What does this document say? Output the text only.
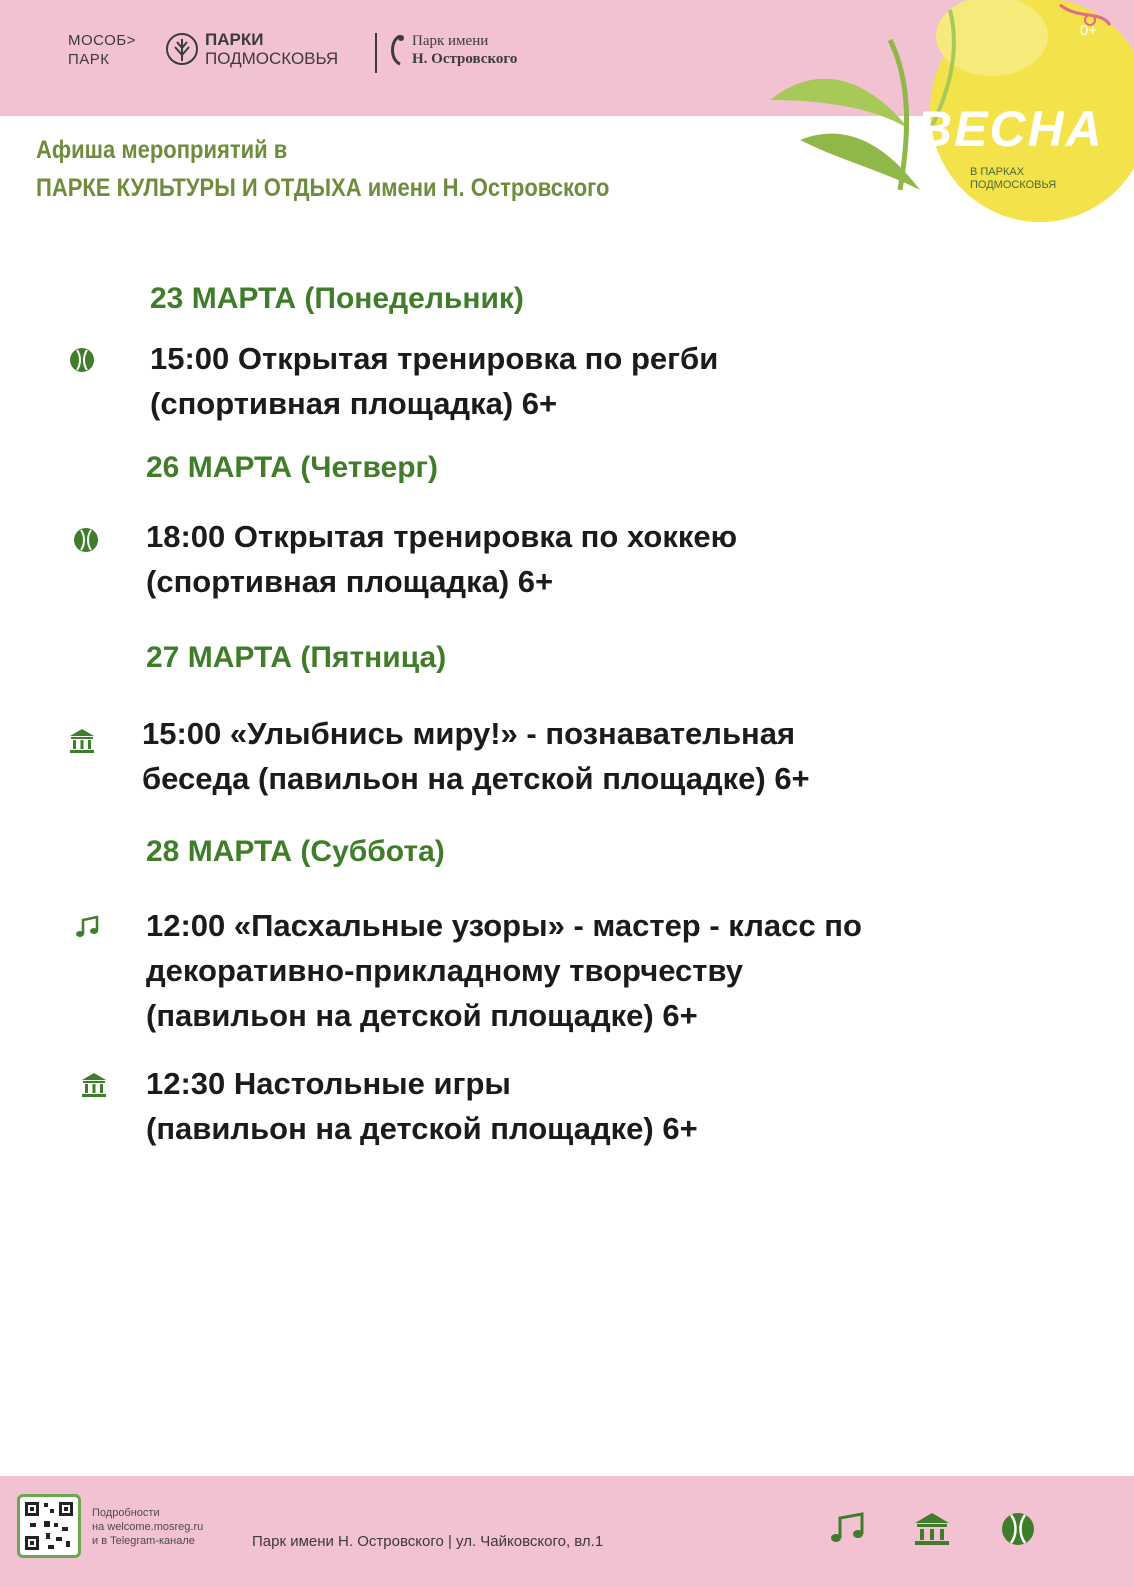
МОСОБ>
ПАРК
ПАРКИ
ПОДМОСКОВЬЯ
Парк имени
Н. Островского
0+
ВЕСНА
В ПАРКАХ
ПОДМОСКОВЬЯ
Афиша мероприятий в
ПАРКЕ КУЛЬТУРЫ И ОТДЫХА имени Н. Островского
23 МАРТА (Понедельник)
15:00 Открытая тренировка по регби
(спортивная площадка) 6+
26 МАРТА (Четверг)
18:00 Открытая тренировка по хоккею
(спортивная площадка) 6+
27 МАРТА (Пятница)
15:00 «Улыбнись миру!» - познавательная
беседа (павильон на детской площадке) 6+
28 МАРТА (Суббота)
12:00 «Пасхальные узоры» - мастер - класс по
декоративно-прикладному творчеству
(павильон на детской площадке) 6+
12:30 Настольные игры
(павильон на детской площадке) 6+
Подробности
на welcome.mosreg.ru
и в Telegram-канале	Парк имени Н. Островского | ул. Чайковского, вл.1
